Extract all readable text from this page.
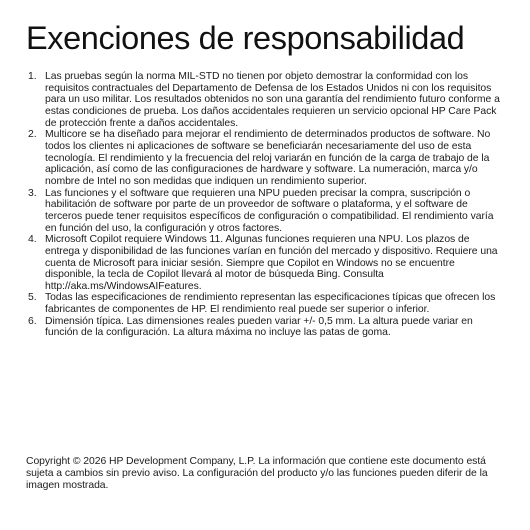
Exenciones de responsabilidad
1. Las pruebas según la norma MIL-STD no tienen por objeto demostrar la conformidad con los requisitos contractuales del Departamento de Defensa de los Estados Unidos ni con los requisitos para un uso militar. Los resultados obtenidos no son una garantía del rendimiento futuro conforme a estas condiciones de prueba. Los daños accidentales requieren un servicio opcional HP Care Pack de protección frente a daños accidentales.
2. Multicore se ha diseñado para mejorar el rendimiento de determinados productos de software. No todos los clientes ni aplicaciones de software se beneficiarán necesariamente del uso de esta tecnología. El rendimiento y la frecuencia del reloj variarán en función de la carga de trabajo de la aplicación, así como de las configuraciones de hardware y software. La numeración, marca y/o nombre de Intel no son medidas que indiquen un rendimiento superior.
3. Las funciones y el software que requieren una NPU pueden precisar la compra, suscripción o habilitación de software por parte de un proveedor de software o plataforma, y el software de terceros puede tener requisitos específicos de configuración o compatibilidad. El rendimiento varía en función del uso, la configuración y otros factores.
4. Microsoft Copilot requiere Windows 11. Algunas funciones requieren una NPU. Los plazos de entrega y disponibilidad de las funciones varían en función del mercado y dispositivo. Requiere una cuenta de Microsoft para iniciar sesión. Siempre que Copilot en Windows no se encuentre disponible, la tecla de Copilot llevará al motor de búsqueda Bing. Consulta http://aka.ms/WindowsAIFeatures.
5. Todas las especificaciones de rendimiento representan las especificaciones típicas que ofrecen los fabricantes de componentes de HP. El rendimiento real puede ser superior o inferior.
6. Dimensión típica. Las dimensiones reales pueden variar +/- 0,5 mm. La altura puede variar en función de la configuración. La altura máxima no incluye las patas de goma.

Copyright © 2026 HP Development Company, L.P. La información que contiene este documento está sujeta a cambios sin previo aviso. La configuración del producto y/o las funciones pueden diferir de la imagen mostrada.
